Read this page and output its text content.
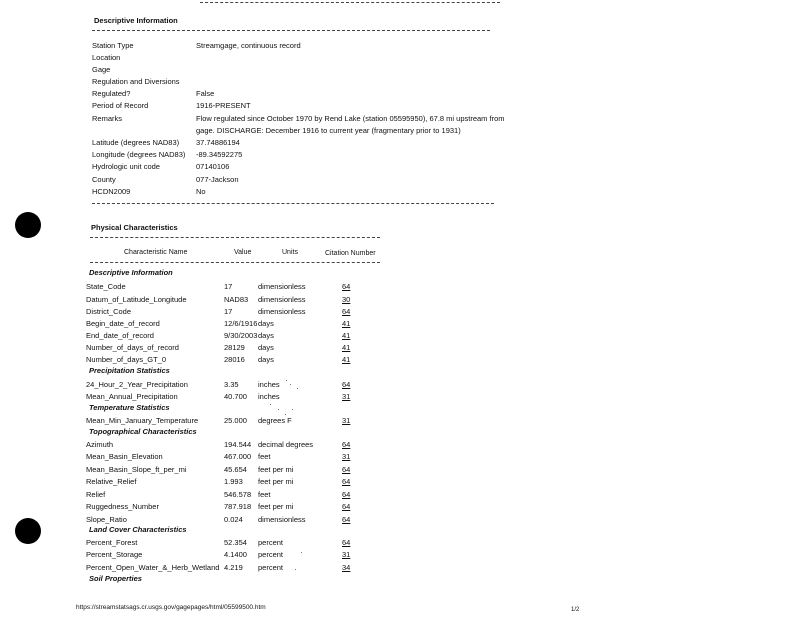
Descriptive Information
Station Type	Streamgage, continuous record
Location
Gage
Regulation and Diversions
Regulated?	False
Period of Record	1916-PRESENT
Remarks	Flow regulated since October 1970 by Rend Lake (station 05595950), 67.8 mi upstream from
gage. DISCHARGE: December 1916 to current year (fragmentary prior to 1931)
Latitude (degrees NAD83) 37.74886194
Longitude (degrees NAD83) -89.34592275
Hydrologic unit code	07140106
County	077-Jackson
HCDN2009	No
Physical Characteristics
Characteristic Name	Value	Units	Citation Number
Descriptive Information
State_Code	17	dimensionless	64
Datum_of_Latitude_Longitude	NAD83 dimensionless	30
District_Code	17	dimensionless	64
Begin_date_of_record	12/6/1916 days	41
End_date_of_record	9/30/2003 days	41
Number_of_days_of_record	28129 days	41
Number_of_days_GT_0	28016 days	41
Precipitation Statistics
24_Hour_2_Year_Precipitation	3.35	inches	64
Mean_Annual_Precipitation	40.700 inches	31
Temperature Statistics
Mean_Min_January_Temperature	25.000 degrees F	31
Topographical Characteristics
Azimuth	194.544 decimal degrees	64
Mean_Basin_Elevation	467.000 feet	31
Mean_Basin_Slope_ft_per_mi	45.654 feet per mi	64
Relative_Relief	1.993 feet per mi	64
Relief	546.578 feet	64
Ruggedness_Number	787.918 feet per mi	64
Slope_Ratio	0.024 dimensionless	64
Land Cover Characteristics
Percent_Forest	52.354 percent	64
Percent_Storage	4.1400 percent	31
Percent_Open_Water_&_Herb_Wetland 4.219 percent	34
Soil Properties
https://streamstatsags.cr.usgs.gov/gagepages/html/05599500.htm	1/2
